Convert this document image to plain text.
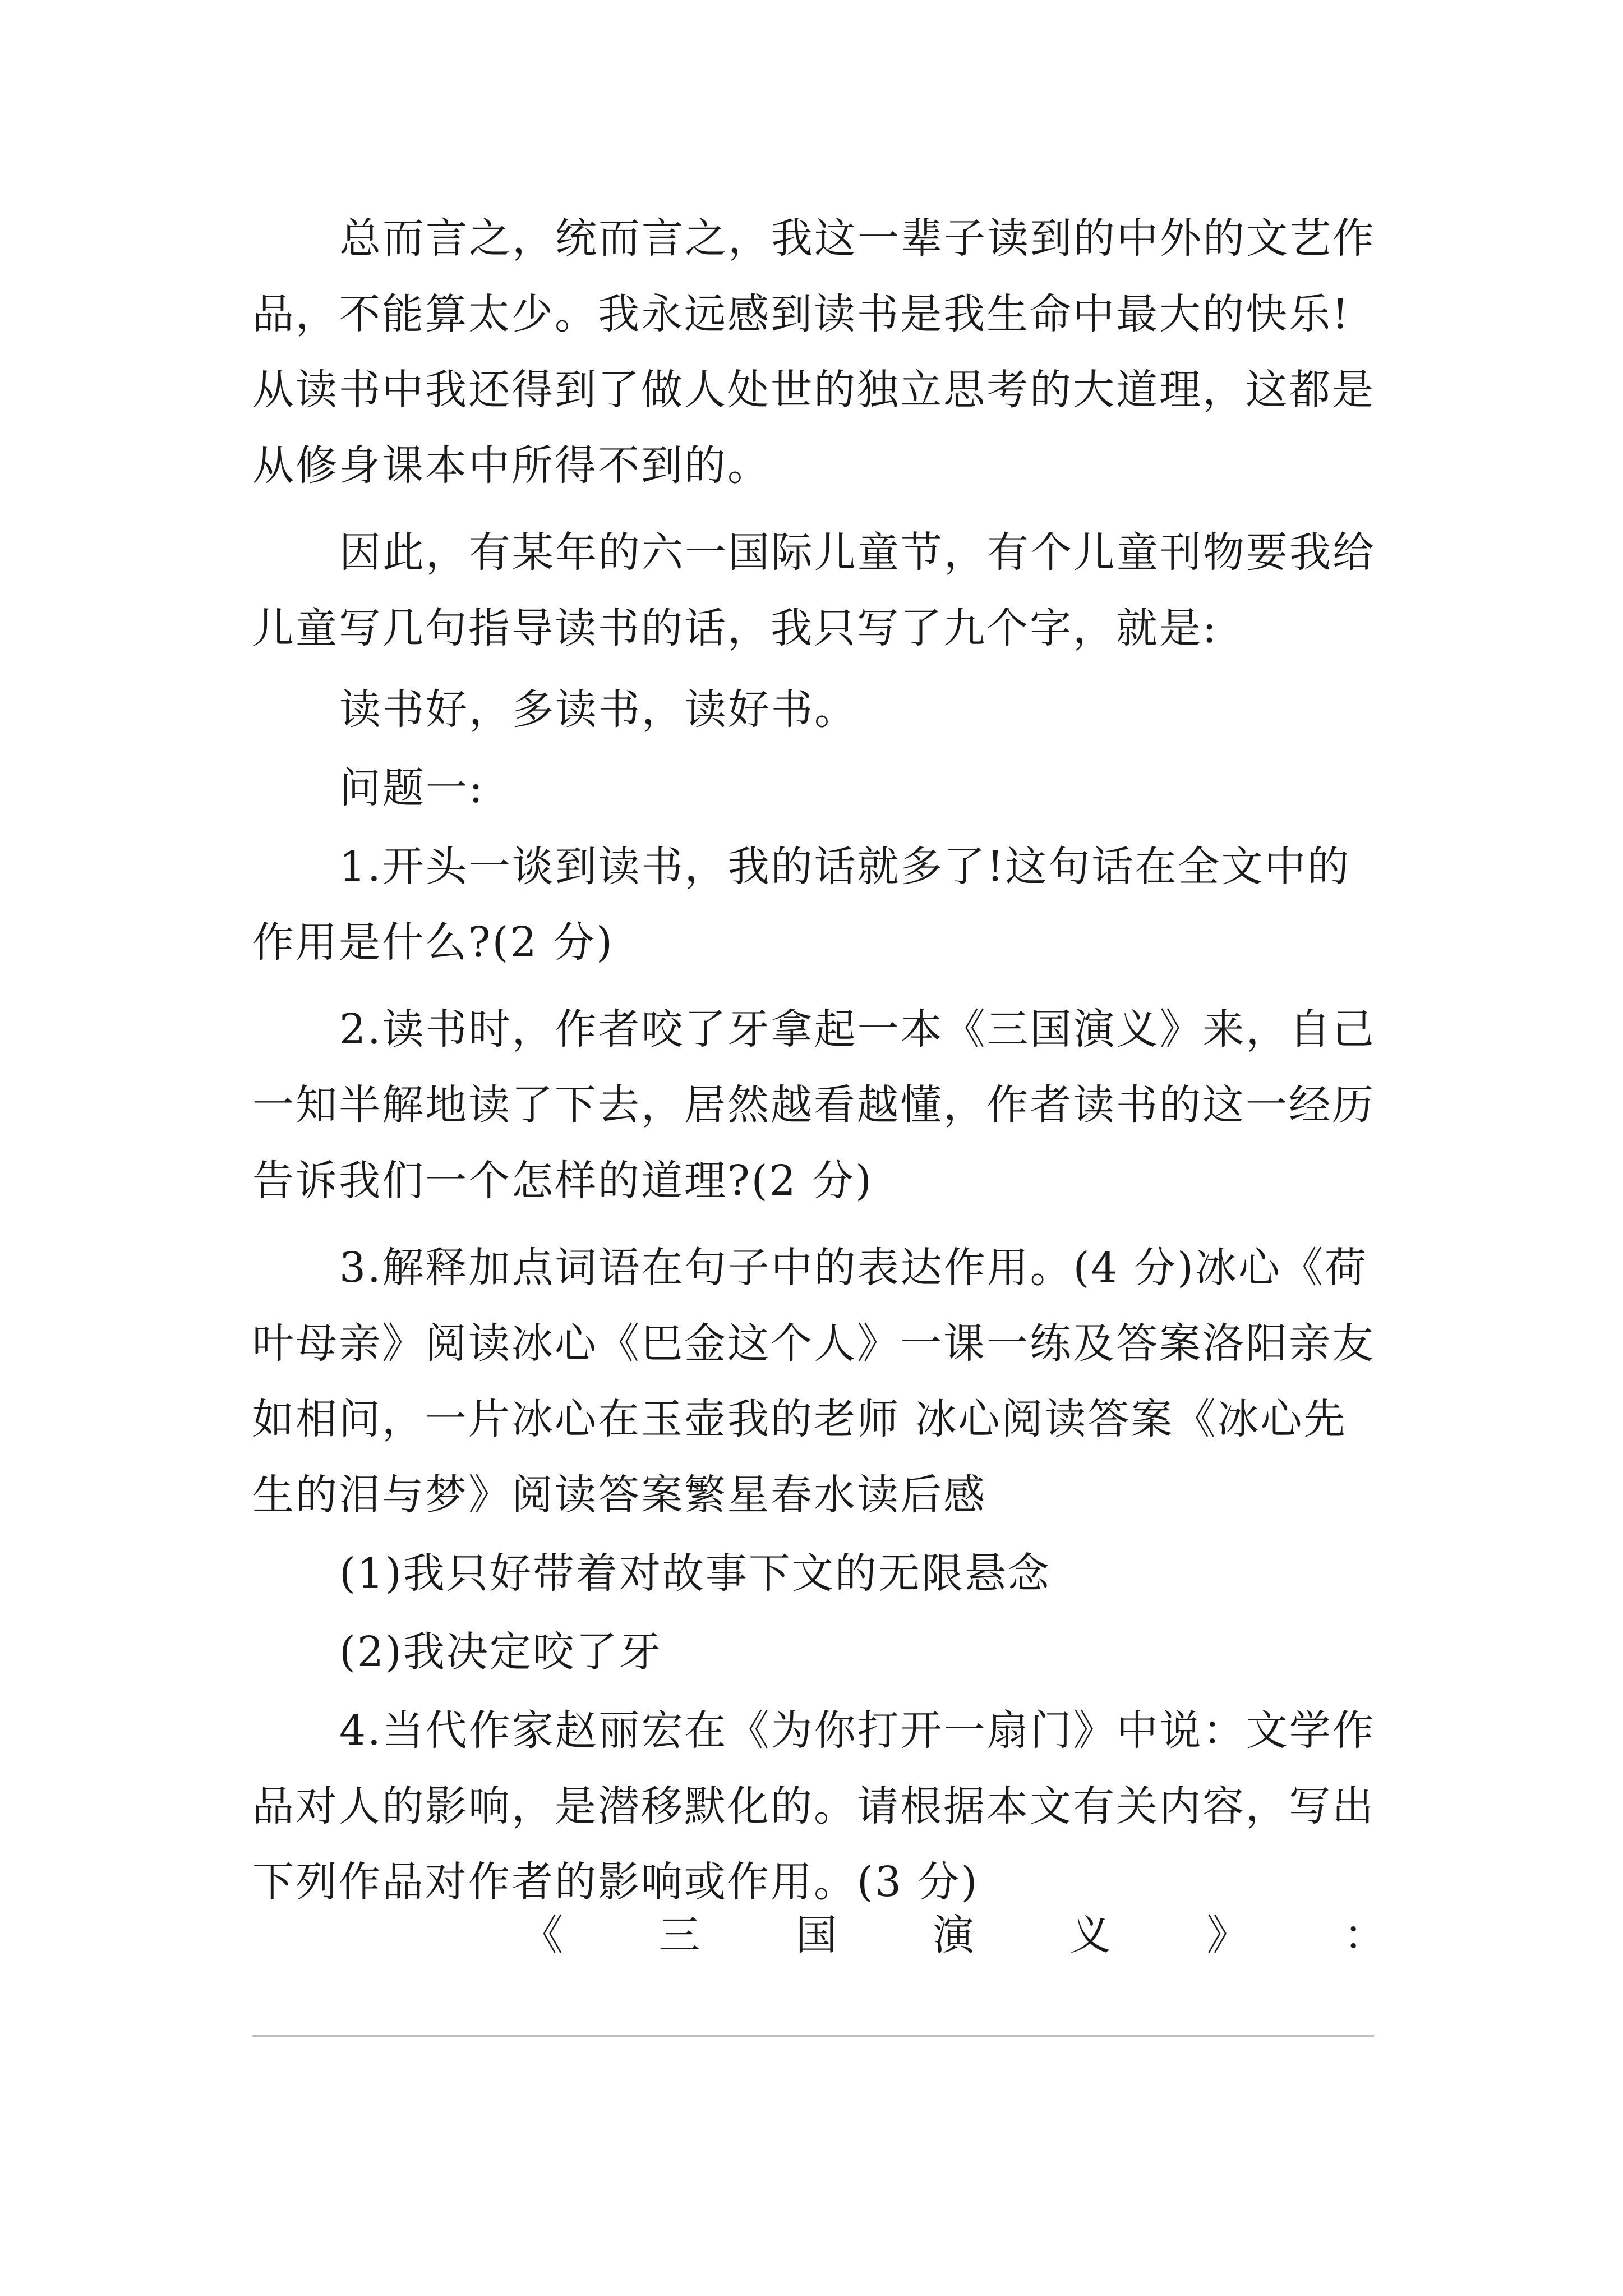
总而言之，统而言之，我这一辈子读到的中外的文艺作
品，不能算太少。我永远感到读书是我生命中最大的快乐!
从读书中我还得到了做人处世的独立思考的大道理，这都是
从修身课本中所得不到的。
因此，有某年的六一国际儿童节，有个儿童刊物要我给
儿童写几句指导读书的话，我只写了九个字，就是:
读书好，多读书，读好书。
问题一:
1.开头一谈到读书，我的话就多了!这句话在全文中的
作用是什么?(2 分)
2.读书时，作者咬了牙拿起一本《三国演义》来，自己
一知半解地读了下去，居然越看越懂，作者读书的这一经历
告诉我们一个怎样的道理?(2 分)
3.解释加点词语在句子中的表达作用。(4 分)冰心《荷
叶母亲》阅读冰心《巴金这个人》一课一练及答案洛阳亲友
如相问，一片冰心在玉壶我的老师 冰心阅读答案《冰心先
生的泪与梦》阅读答案繁星春水读后感
(1)我只好带着对故事下文的无限悬念
(2)我决定咬了牙
4.当代作家赵丽宏在《为你打开一扇门》中说：文学作
品对人的影响，是潜移默化的。请根据本文有关内容，写出
下列作品对作者的影响或作用。(3 分)
《 三 国 演 义 》 ：
